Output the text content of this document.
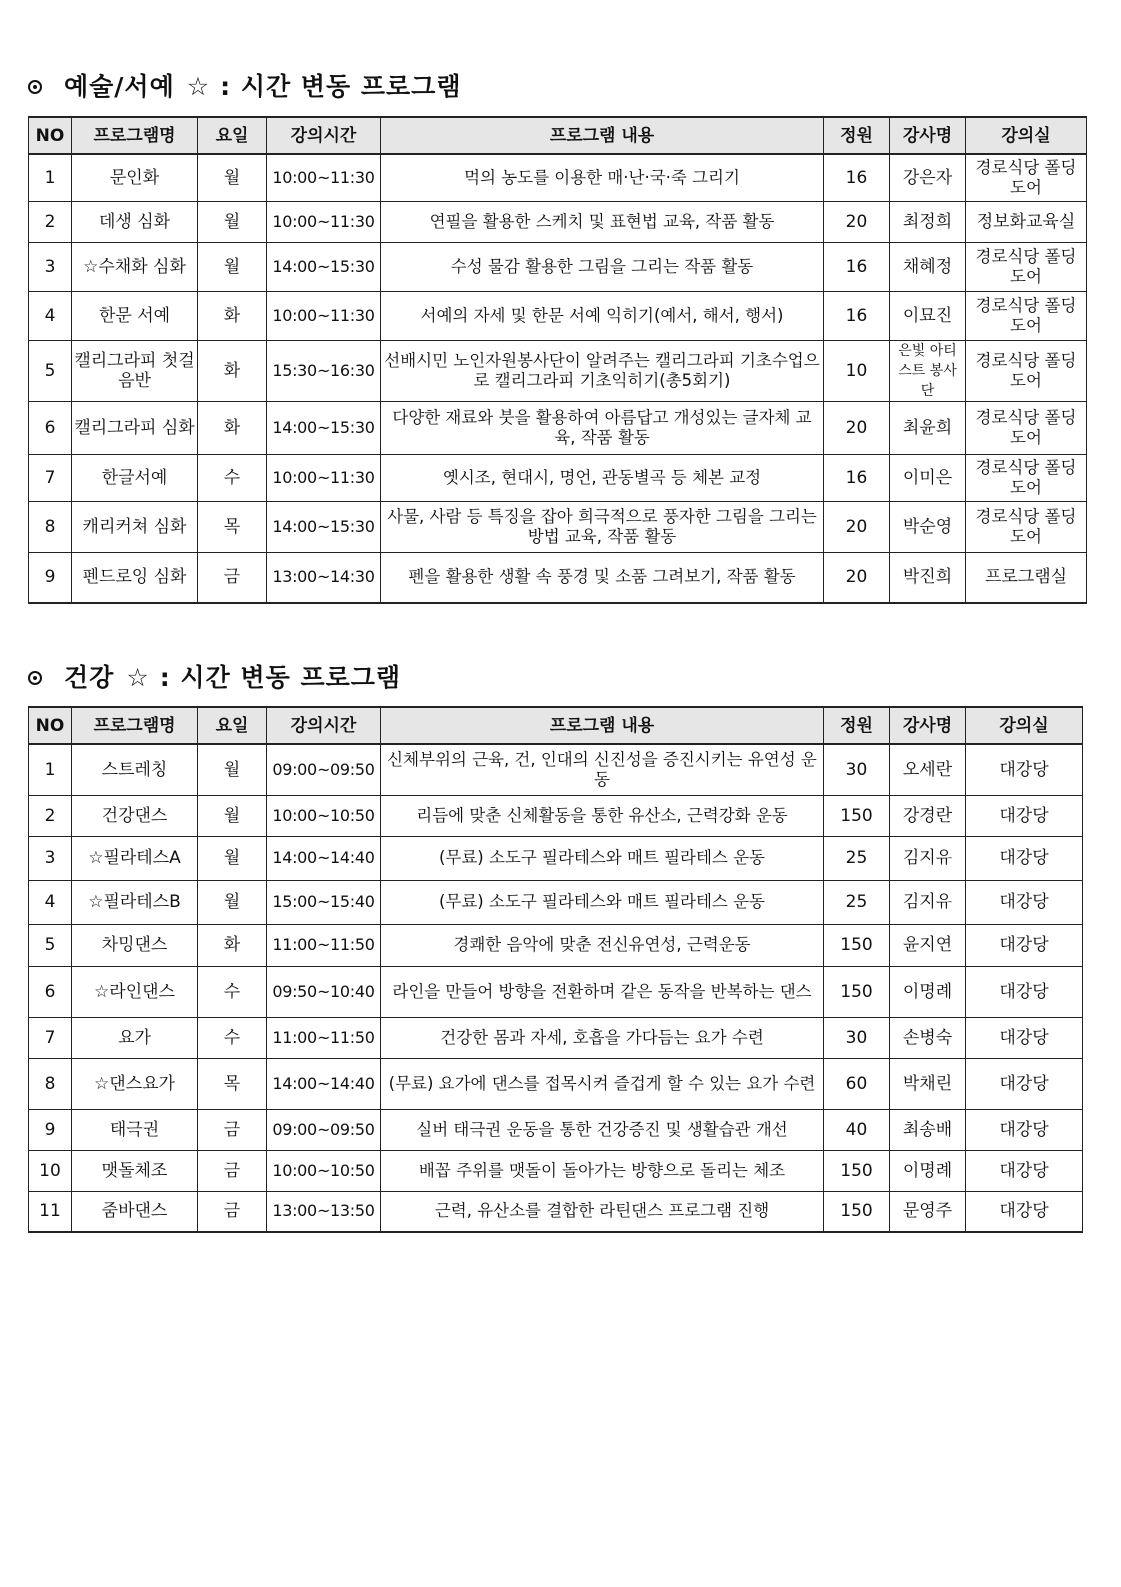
예술/서예 ☆ : 시간 변동 프로그램
NO	프로그램명	요일	강의시간	프로그램 내용	정원	강사명	강의실
1	문인화	월	10:00~11:30	먹의 농도를 이용한 매·난·국·죽 그리기	16	강은자	경로식당 폴딩도어
2	데생 심화	월	10:00~11:30	연필을 활용한 스케치 및 표현법 교육, 작품 활동	20	최정희	정보화교육실
3	☆수채화 심화	월	14:00~15:30	수성 물감 활용한 그림을 그리는 작품 활동	16	채혜정	경로식당 폴딩도어
4	한문 서예	화	10:00~11:30	서예의 자세 및 한문 서예 익히기(예서, 해서, 행서)	16	이묘진	경로식당 폴딩도어
5	캘리그라피 첫걸음반	화	15:30~16:30	선배시민 노인자원봉사단이 알려주는 캘리그라피 기초수업으로 캘리그라피 기초익히기(총5회기)	10	은빛 아티스트 봉사단	경로식당 폴딩도어
6	캘리그라피 심화	화	14:00~15:30	다양한 재료와 붓을 활용하여 아름답고 개성있는 글자체 교육, 작품 활동	20	최윤희	경로식당 폴딩도어
7	한글서예	수	10:00~11:30	옛시조, 현대시, 명언, 관동별곡 등 체본 교정	16	이미은	경로식당 폴딩도어
8	캐리커쳐 심화	목	14:00~15:30	사물, 사람 등 특징을 잡아 희극적으로 풍자한 그림을 그리는 방법 교육, 작품 활동	20	박순영	경로식당 폴딩도어
9	펜드로잉 심화	금	13:00~14:30	펜을 활용한 생활 속 풍경 및 소품 그려보기, 작품 활동	20	박진희	프로그램실
건강 ☆ : 시간 변동 프로그램
NO	프로그램명	요일	강의시간	프로그램 내용	정원	강사명	강의실
1	스트레칭	월	09:00~09:50	신체부위의 근육, 건, 인대의 신진성을 증진시키는 유연성 운동	30	오세란	대강당
2	건강댄스	월	10:00~10:50	리듬에 맞춘 신체활동을 통한 유산소, 근력강화 운동	150	강경란	대강당
3	☆필라테스A	월	14:00~14:40	(무료) 소도구 필라테스와 매트 필라테스 운동	25	김지유	대강당
4	☆필라테스B	월	15:00~15:40	(무료) 소도구 필라테스와 매트 필라테스 운동	25	김지유	대강당
5	차밍댄스	화	11:00~11:50	경쾌한 음악에 맞춘 전신유연성, 근력운동	150	윤지연	대강당
6	☆라인댄스	수	09:50~10:40	라인을 만들어 방향을 전환하며 같은 동작을 반복하는 댄스	150	이명례	대강당
7	요가	수	11:00~11:50	건강한 몸과 자세, 호흡을 가다듬는 요가 수련	30	손병숙	대강당
8	☆댄스요가	목	14:00~14:40	(무료) 요가에 댄스를 접목시켜 즐겁게 할 수 있는 요가 수련	60	박채린	대강당
9	태극권	금	09:00~09:50	실버 태극권 운동을 통한 건강증진 및 생활습관 개선	40	최송배	대강당
10	맷돌체조	금	10:00~10:50	배꼽 주위를 맷돌이 돌아가는 방향으로 돌리는 체조	150	이명례	대강당
11	줌바댄스	금	13:00~13:50	근력, 유산소를 결합한 라틴댄스 프로그램 진행	150	문영주	대강당
